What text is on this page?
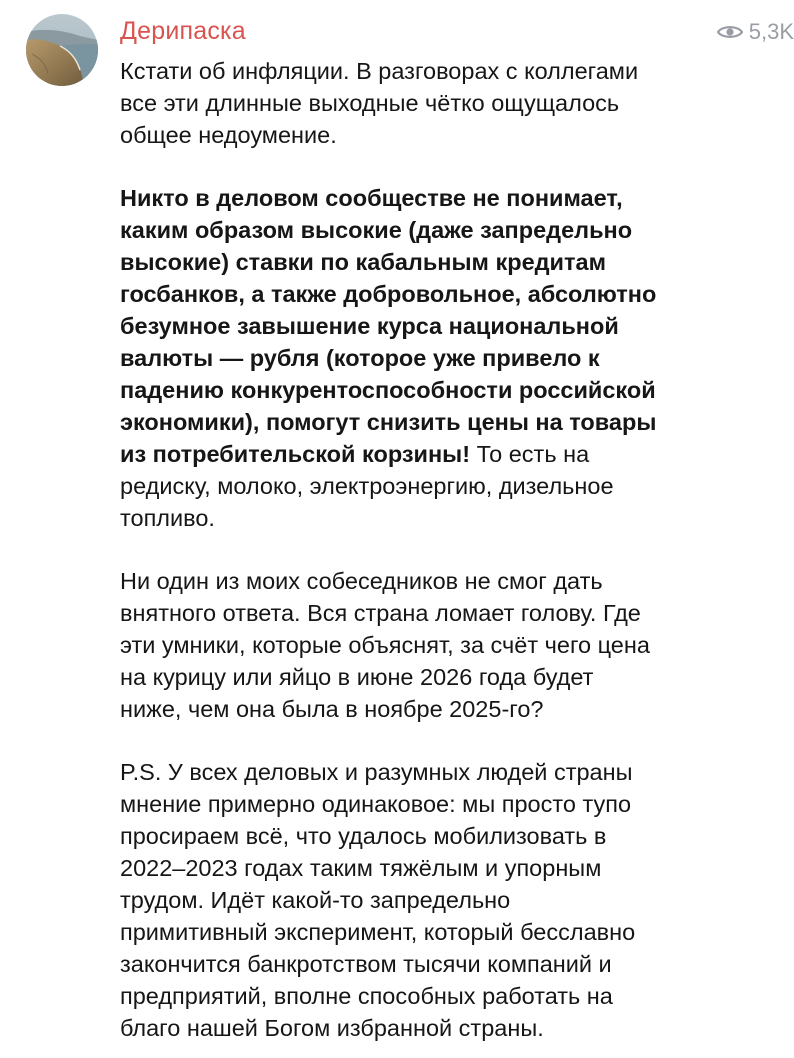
Дерипаска	5,3K
Кстати об инфляции. В разговорах с коллегами
все эти длинные выходные чётко ощущалось
общее недоумение.
Никто в деловом сообществе не понимает,
каким образом высокие (даже запредельно
высокие) ставки по кабальным кредитам
госбанков, а также добровольное, абсолютно
безумное завышение курса национальной
валюты — рубля (которое уже привело к
падению конкурентоспособности российской
экономики), помогут снизить цены на товары
из потребительской корзины! То есть на
редиску, молоко, электроэнергию, дизельное
топливо.
Ни один из моих собеседников не смог дать
внятного ответа. Вся страна ломает голову. Где
эти умники, которые объяснят, за счёт чего цена
на курицу или яйцо в июне 2026 года будет
ниже, чем она была в ноябре 2025-го?
P.S. У всех деловых и разумных людей страны
мнение примерно одинаковое: мы просто тупо
просираем всё, что удалось мобилизовать в
2022–2023 годах таким тяжёлым и упорным
трудом. Идёт какой-то запредельно
примитивный эксперимент, который бесславно
закончится банкротством тысячи компаний и
предприятий, вполне способных работать на
благо нашей Богом избранной страны.
